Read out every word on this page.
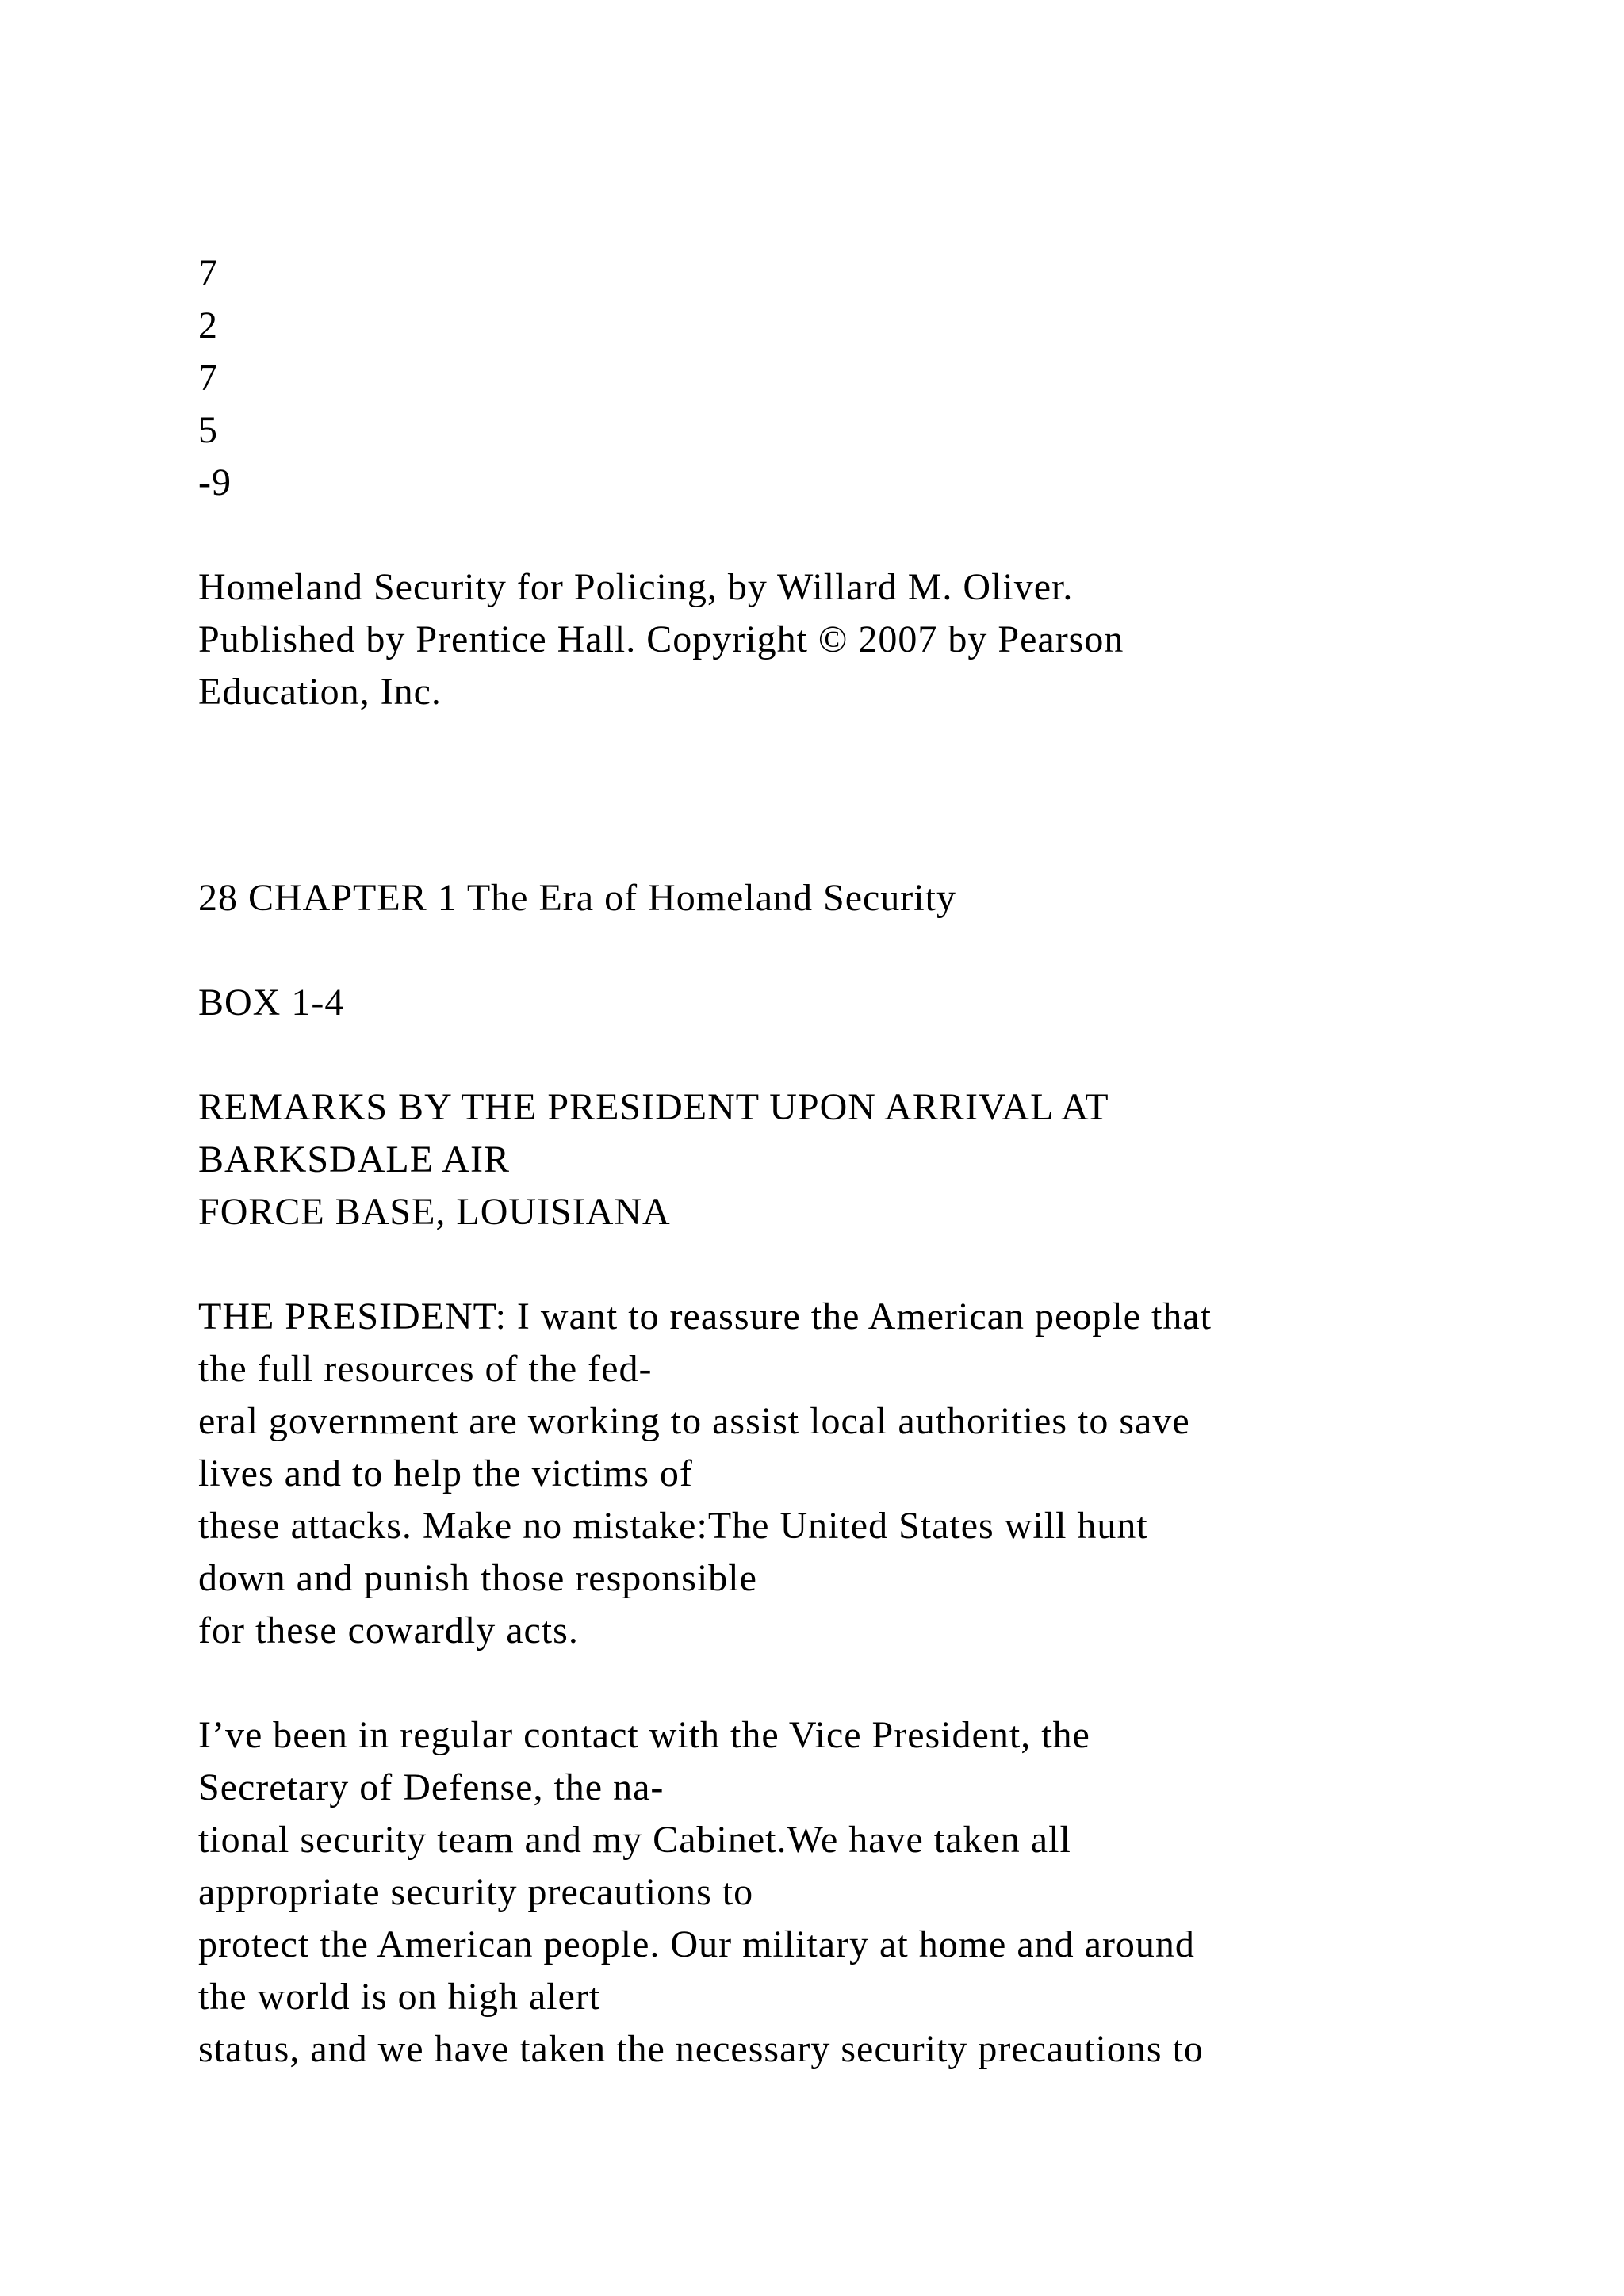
7
2
7
5
-9
Homeland Security for Policing, by Willard M. Oliver.
Published by Prentice Hall. Copyright © 2007 by Pearson
Education, Inc.
28 CHAPTER 1 The Era of Homeland Security
BOX 1-4
REMARKS BY THE PRESIDENT UPON ARRIVAL AT
BARKSDALE AIR
FORCE BASE, LOUISIANA
THE PRESIDENT: I want to reassure the American people that
the full resources of the fed-
eral government are working to assist local authorities to save
lives and to help the victims of
these attacks. Make no mistake:The United States will hunt
down and punish those responsible
for these cowardly acts.
I’ve been in regular contact with the Vice President, the
Secretary of Defense, the na-
tional security team and my Cabinet.We have taken all
appropriate security precautions to
protect the American people. Our military at home and around
the world is on high alert
status, and we have taken the necessary security precautions to
